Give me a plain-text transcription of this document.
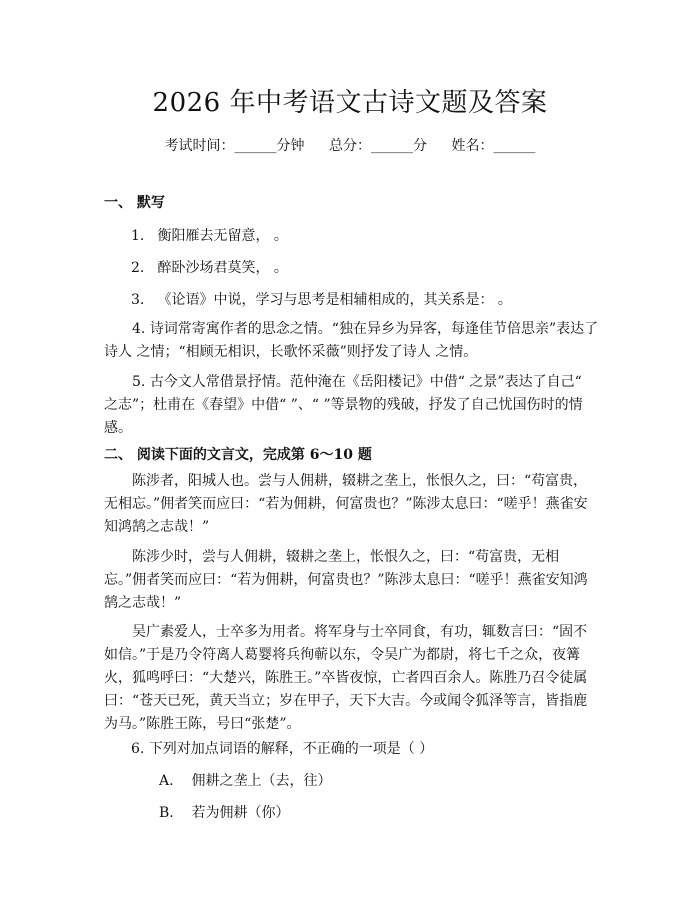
2026 年中考语文古诗文题及答案
考试时间：______分钟 总分：______分 姓名：______
一、 默写
1. 衡阳雁去无留意， 。
2. 醉卧沙场君莫笑， 。
3. 《论语》中说，学习与思考是相辅相成的，其关系是： 。
4. 诗词常寄寓作者的思念之情。“独在异乡为异客，每逢佳节倍思亲”表达了诗人 之情；“相顾无相识，长歌怀采薇”则抒发了诗人 之情。
5. 古今文人常借景抒情。范仲淹在《岳阳楼记》中借“ 之景”表达了自己“ 之志”；杜甫在《春望》中借“ ”、“ ”等景物的残破，抒发了自己忧国伤时的情感。
二、 阅读下面的文言文，完成第 6～10 题
陈涉者，阳城人也。尝与人佣耕，辍耕之垄上，怅恨久之，曰：“苟富贵，无相忘。”佣者笑而应曰：“若为佣耕，何富贵也？”陈涉太息曰：“嗟乎！燕雀安知鸿鹄之志哉！”
陈涉少时，尝与人佣耕，辍耕之垄上，怅恨久之，曰：“苟富贵，无相忘。”佣者笑而应曰：“若为佣耕，何富贵也？”陈涉太息曰：“嗟乎！燕雀安知鸿鹄之志哉！”
吴广素爱人，士卒多为用者。将军身与士卒同食，有功，辄数言曰：“固不如信。”于是乃令符离人葛婴将兵徇蕲以东，令吴广为都尉，将七千之众，夜篝火，狐鸣呼曰：“大楚兴，陈胜王。”卒皆夜惊，亡者四百余人。陈胜乃召令徒属曰：“苍天已死，黄天当立；岁在甲子，天下大吉。今或闻令狐泽等言，皆指鹿为马。”陈胜王陈，号曰“张楚”。
6. 下列对加点词语的解释，不正确的一项是（ ）
A. 佣耕之垄上（去，往）
B. 若为佣耕（你）
